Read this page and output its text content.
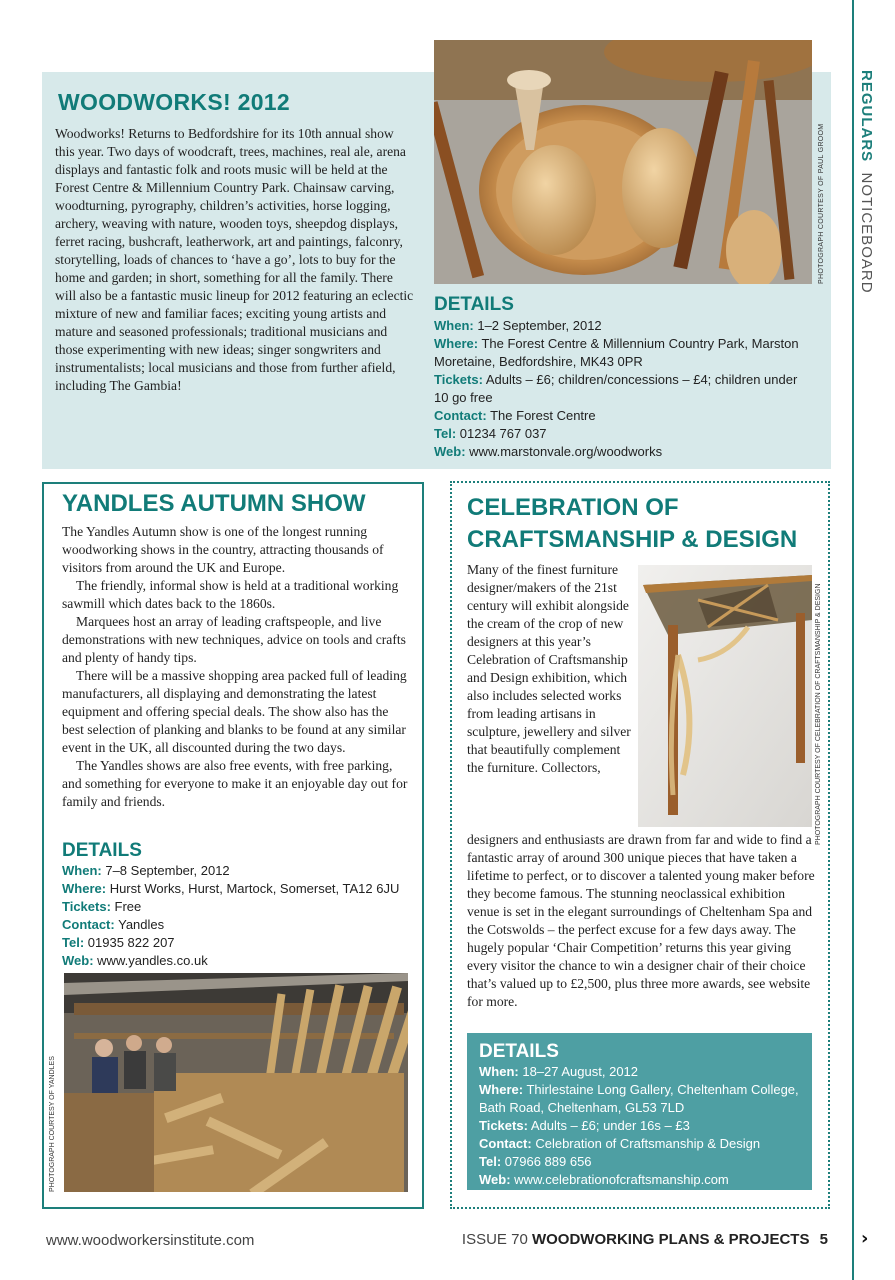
REGULARS  NOTICEBOARD
WOODWORKS! 2012
Woodworks! Returns to Bedfordshire for its 10th annual show this year. Two days of woodcraft, trees, machines, real ale, arena displays and fantastic folk and roots music will be held at the Forest Centre & Millennium Country Park. Chainsaw carving, woodturning, pyrography, children’s activities, horse logging, archery, weaving with nature, wooden toys, sheepdog displays, ferret racing, bushcraft, leatherwork, art and paintings, falconry, storytelling, loads of chances to ‘have a go’, lots to buy for the home and garden; in short, something for all the family. There will also be a fantastic music lineup for 2012 featuring an eclectic mixture of new and familiar faces; exciting young artists and mature and seasoned professionals; traditional musicians and those experimenting with new ideas; singer songwriters and instrumentalists; local musicians and those from further afield, including The Gambia!
PHOTOGRAPH COURTESY OF PAUL GROOM
DETAILS
When: 1–2 September, 2012
Where: The Forest Centre & Millennium Country Park, Marston Moretaine, Bedfordshire, MK43 0PR
Tickets: Adults – £6; children/concessions – £4; children under 10 go free
Contact: The Forest Centre
Tel: 01234 767 037
Web: www.marstonvale.org/woodworks
YANDLES AUTUMN SHOW

The Yandles Autumn show is one of the longest running woodworking shows in the country, attracting thousands of visitors from around the UK and Europe.

The friendly, informal show is held at a traditional working sawmill which dates back to the 1860s.

Marquees host an array of leading craftspeople, and live demonstrations with new techniques, advice on tools and crafts and plenty of handy tips.

There will be a massive shopping area packed full of leading manufacturers, all displaying and demonstrating the latest equipment and offering special deals. The show also has the best selection of planking and blanks to be found at any similar event in the UK, all discounted during the two days.

The Yandles shows are also free events, with free parking, and something for everyone to make it an enjoyable day out for family and friends.

DETAILS
When: 7–8 September, 2012
Where: Hurst Works, Hurst, Martock, Somerset, TA12 6JU
Tickets: Free
Contact: Yandles
Tel: 01935 822 207
Web: www.yandles.co.uk
PHOTOGRAPH COURTESY OF YANDLES
CELEBRATION OF CRAFTSMANSHIP & DESIGN
PHOTOGRAPH COURTESY OF CELEBRATION OF CRAFTSMANSHIP & DESIGN
Many of the finest furniture designer/makers of the 21st century will exhibit alongside the cream of the crop of new designers at this year’s Celebration of Craftsmanship and Design exhibition, which also includes selected works from leading artisans in sculpture, jewellery and silver that beautifully complement the furniture. Collectors,
designers and enthusiasts are drawn from far and wide to find a fantastic array of around 300 unique pieces that have taken a lifetime to perfect, or to discover a talented young maker before they become famous. The stunning neoclassical exhibition venue is set in the elegant surroundings of Cheltenham Spa and the Cotswolds – the perfect excuse for a few days away. The hugely popular ‘Chair Competition’ returns this year giving every visitor the chance to win a designer chair of their choice that’s valued up to £2,500, plus three more awards, see website for more.
DETAILS
When: 18–27 August, 2012
Where: Thirlestaine Long Gallery, Cheltenham College, Bath Road, Cheltenham, GL53 7LD
Tickets: Adults – £6; under 16s – £3
Contact: Celebration of Craftsmanship & Design
Tel: 07966 889 656
Web: www.celebrationofcraftsmanship.com
www.woodworkersinstitute.com	ISSUE 70 WOODWORKING PLANS & PROJECTS 5 ›
